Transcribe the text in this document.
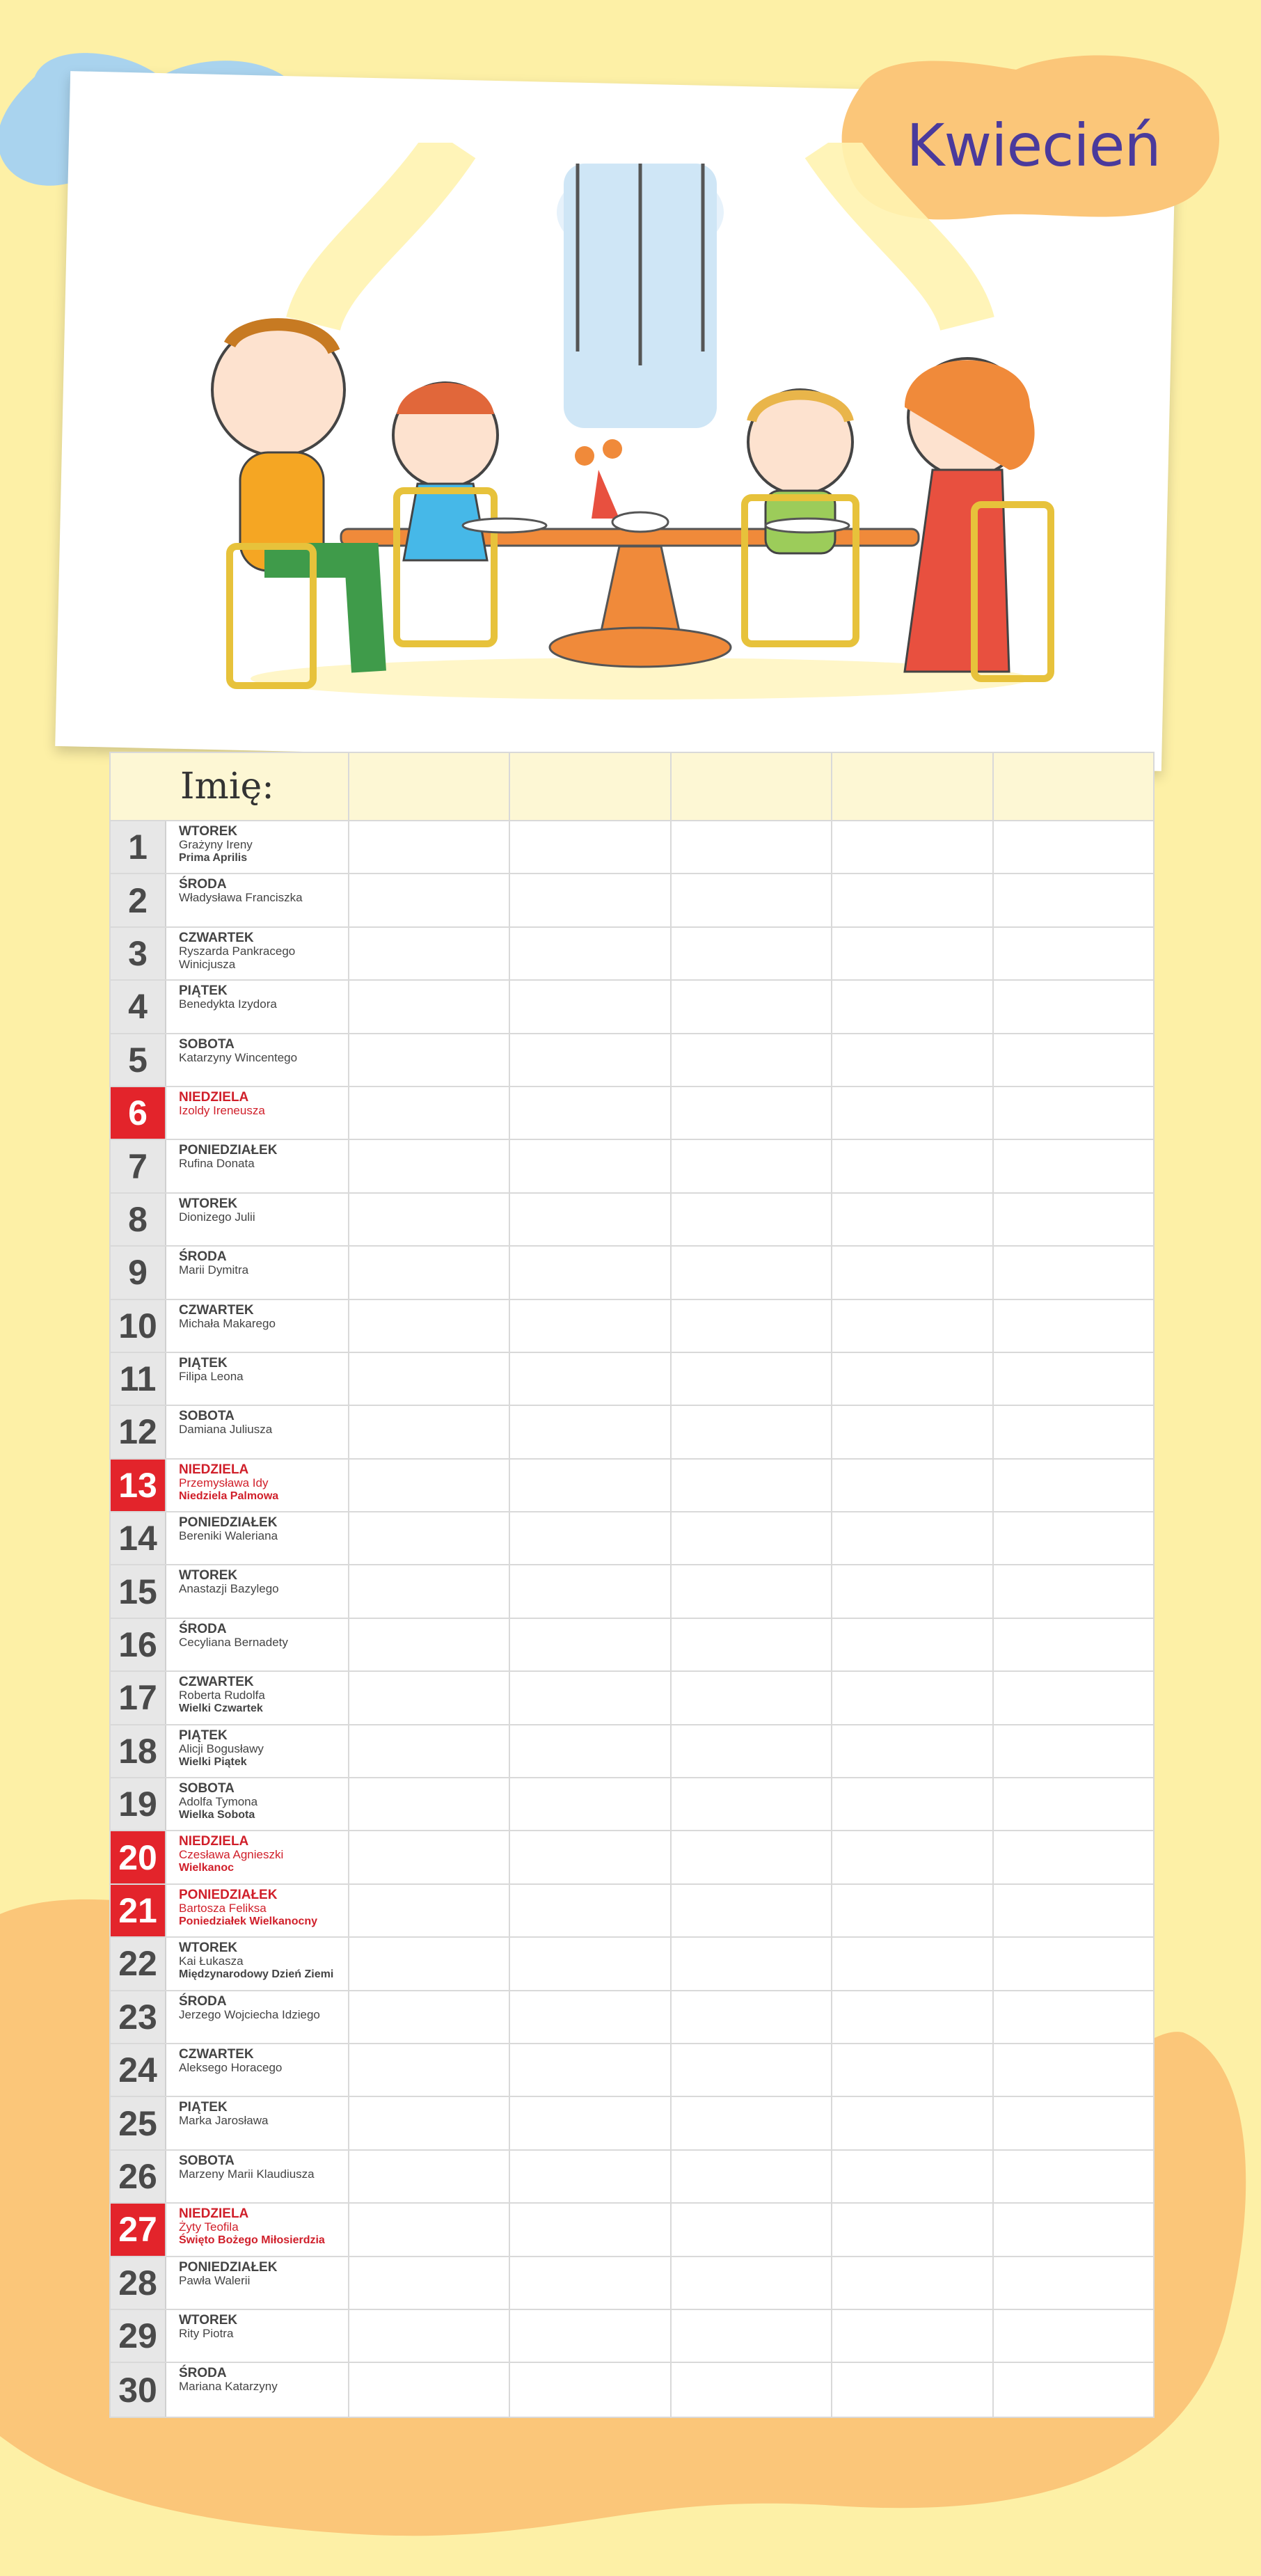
Kwiecień
Imię:
1	WTOREK
Grażyny Ireny
Prima Aprilis
2	ŚRODA
Władysława Franciszka
3	CZWARTEK
Ryszarda Pankracego Winicjusza
4	PIĄTEK
Benedykta Izydora
5	SOBOTA
Katarzyny Wincentego
6	NIEDZIELA
Izoldy Ireneusza
7	PONIEDZIAŁEK
Rufina Donata
8	WTOREK
Dionizego Julii
9	ŚRODA
Marii Dymitra
10	CZWARTEK
Michała Makarego
11	PIĄTEK
Filipa Leona
12	SOBOTA
Damiana Juliusza
13	NIEDZIELA
Przemysława Idy
Niedziela Palmowa
14	PONIEDZIAŁEK
Bereniki Waleriana
15	WTOREK
Anastazji Bazylego
16	ŚRODA
Cecyliana Bernadety
17	CZWARTEK
Roberta Rudolfa
Wielki Czwartek
18	PIĄTEK
Alicji Bogusławy
Wielki Piątek
19	SOBOTA
Adolfa Tymona
Wielka Sobota
20	NIEDZIELA
Czesława Agnieszki
Wielkanoc
21	PONIEDZIAŁEK
Bartosza Feliksa
Poniedziałek Wielkanocny
22	WTOREK
Kai Łukasza
Międzynarodowy Dzień Ziemi
23	ŚRODA
Jerzego Wojciecha Idziego
24	CZWARTEK
Aleksego Horacego
25	PIĄTEK
Marka Jarosława
26	SOBOTA
Marzeny Marii Klaudiusza
27	NIEDZIELA
Żyty Teofila
Święto Bożego Miłosierdzia
28	PONIEDZIAŁEK
Pawła Walerii
29	WTOREK
Rity Piotra
30	ŚRODA
Mariana Katarzyny
